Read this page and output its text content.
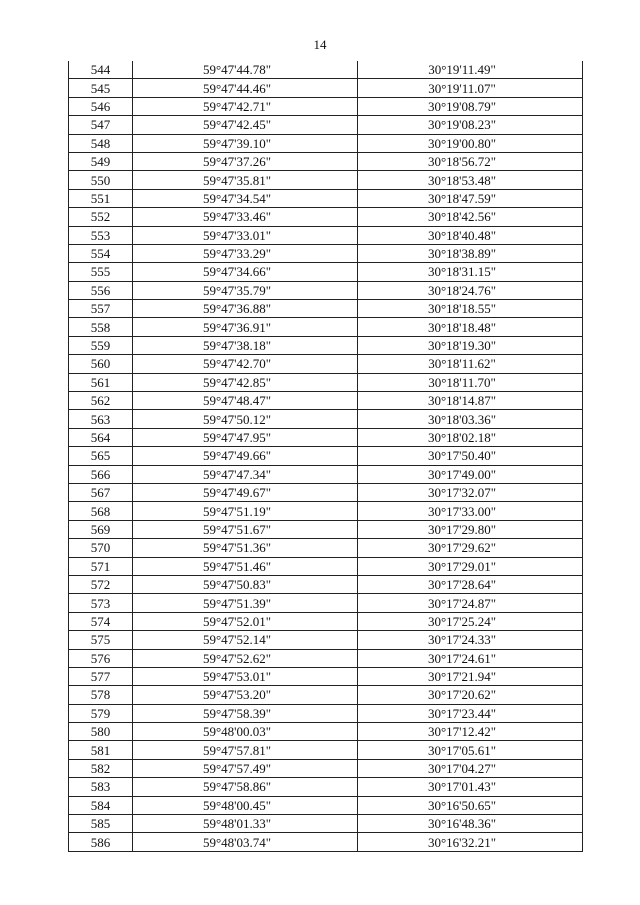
14
544	59°47'44.78"	30°19'11.49"
545	59°47'44.46"	30°19'11.07"
546	59°47'42.71"	30°19'08.79"
547	59°47'42.45"	30°19'08.23"
548	59°47'39.10"	30°19'00.80"
549	59°47'37.26"	30°18'56.72"
550	59°47'35.81"	30°18'53.48"
551	59°47'34.54"	30°18'47.59"
552	59°47'33.46"	30°18'42.56"
553	59°47'33.01"	30°18'40.48"
554	59°47'33.29"	30°18'38.89"
555	59°47'34.66"	30°18'31.15"
556	59°47'35.79"	30°18'24.76"
557	59°47'36.88"	30°18'18.55"
558	59°47'36.91"	30°18'18.48"
559	59°47'38.18"	30°18'19.30"
560	59°47'42.70"	30°18'11.62"
561	59°47'42.85"	30°18'11.70"
562	59°47'48.47"	30°18'14.87"
563	59°47'50.12"	30°18'03.36"
564	59°47'47.95"	30°18'02.18"
565	59°47'49.66"	30°17'50.40"
566	59°47'47.34"	30°17'49.00"
567	59°47'49.67"	30°17'32.07"
568	59°47'51.19"	30°17'33.00"
569	59°47'51.67"	30°17'29.80"
570	59°47'51.36"	30°17'29.62"
571	59°47'51.46"	30°17'29.01"
572	59°47'50.83"	30°17'28.64"
573	59°47'51.39"	30°17'24.87"
574	59°47'52.01"	30°17'25.24"
575	59°47'52.14"	30°17'24.33"
576	59°47'52.62"	30°17'24.61"
577	59°47'53.01"	30°17'21.94"
578	59°47'53.20"	30°17'20.62"
579	59°47'58.39"	30°17'23.44"
580	59°48'00.03"	30°17'12.42"
581	59°47'57.81"	30°17'05.61"
582	59°47'57.49"	30°17'04.27"
583	59°47'58.86"	30°17'01.43"
584	59°48'00.45"	30°16'50.65"
585	59°48'01.33"	30°16'48.36"
586	59°48'03.74"	30°16'32.21"
